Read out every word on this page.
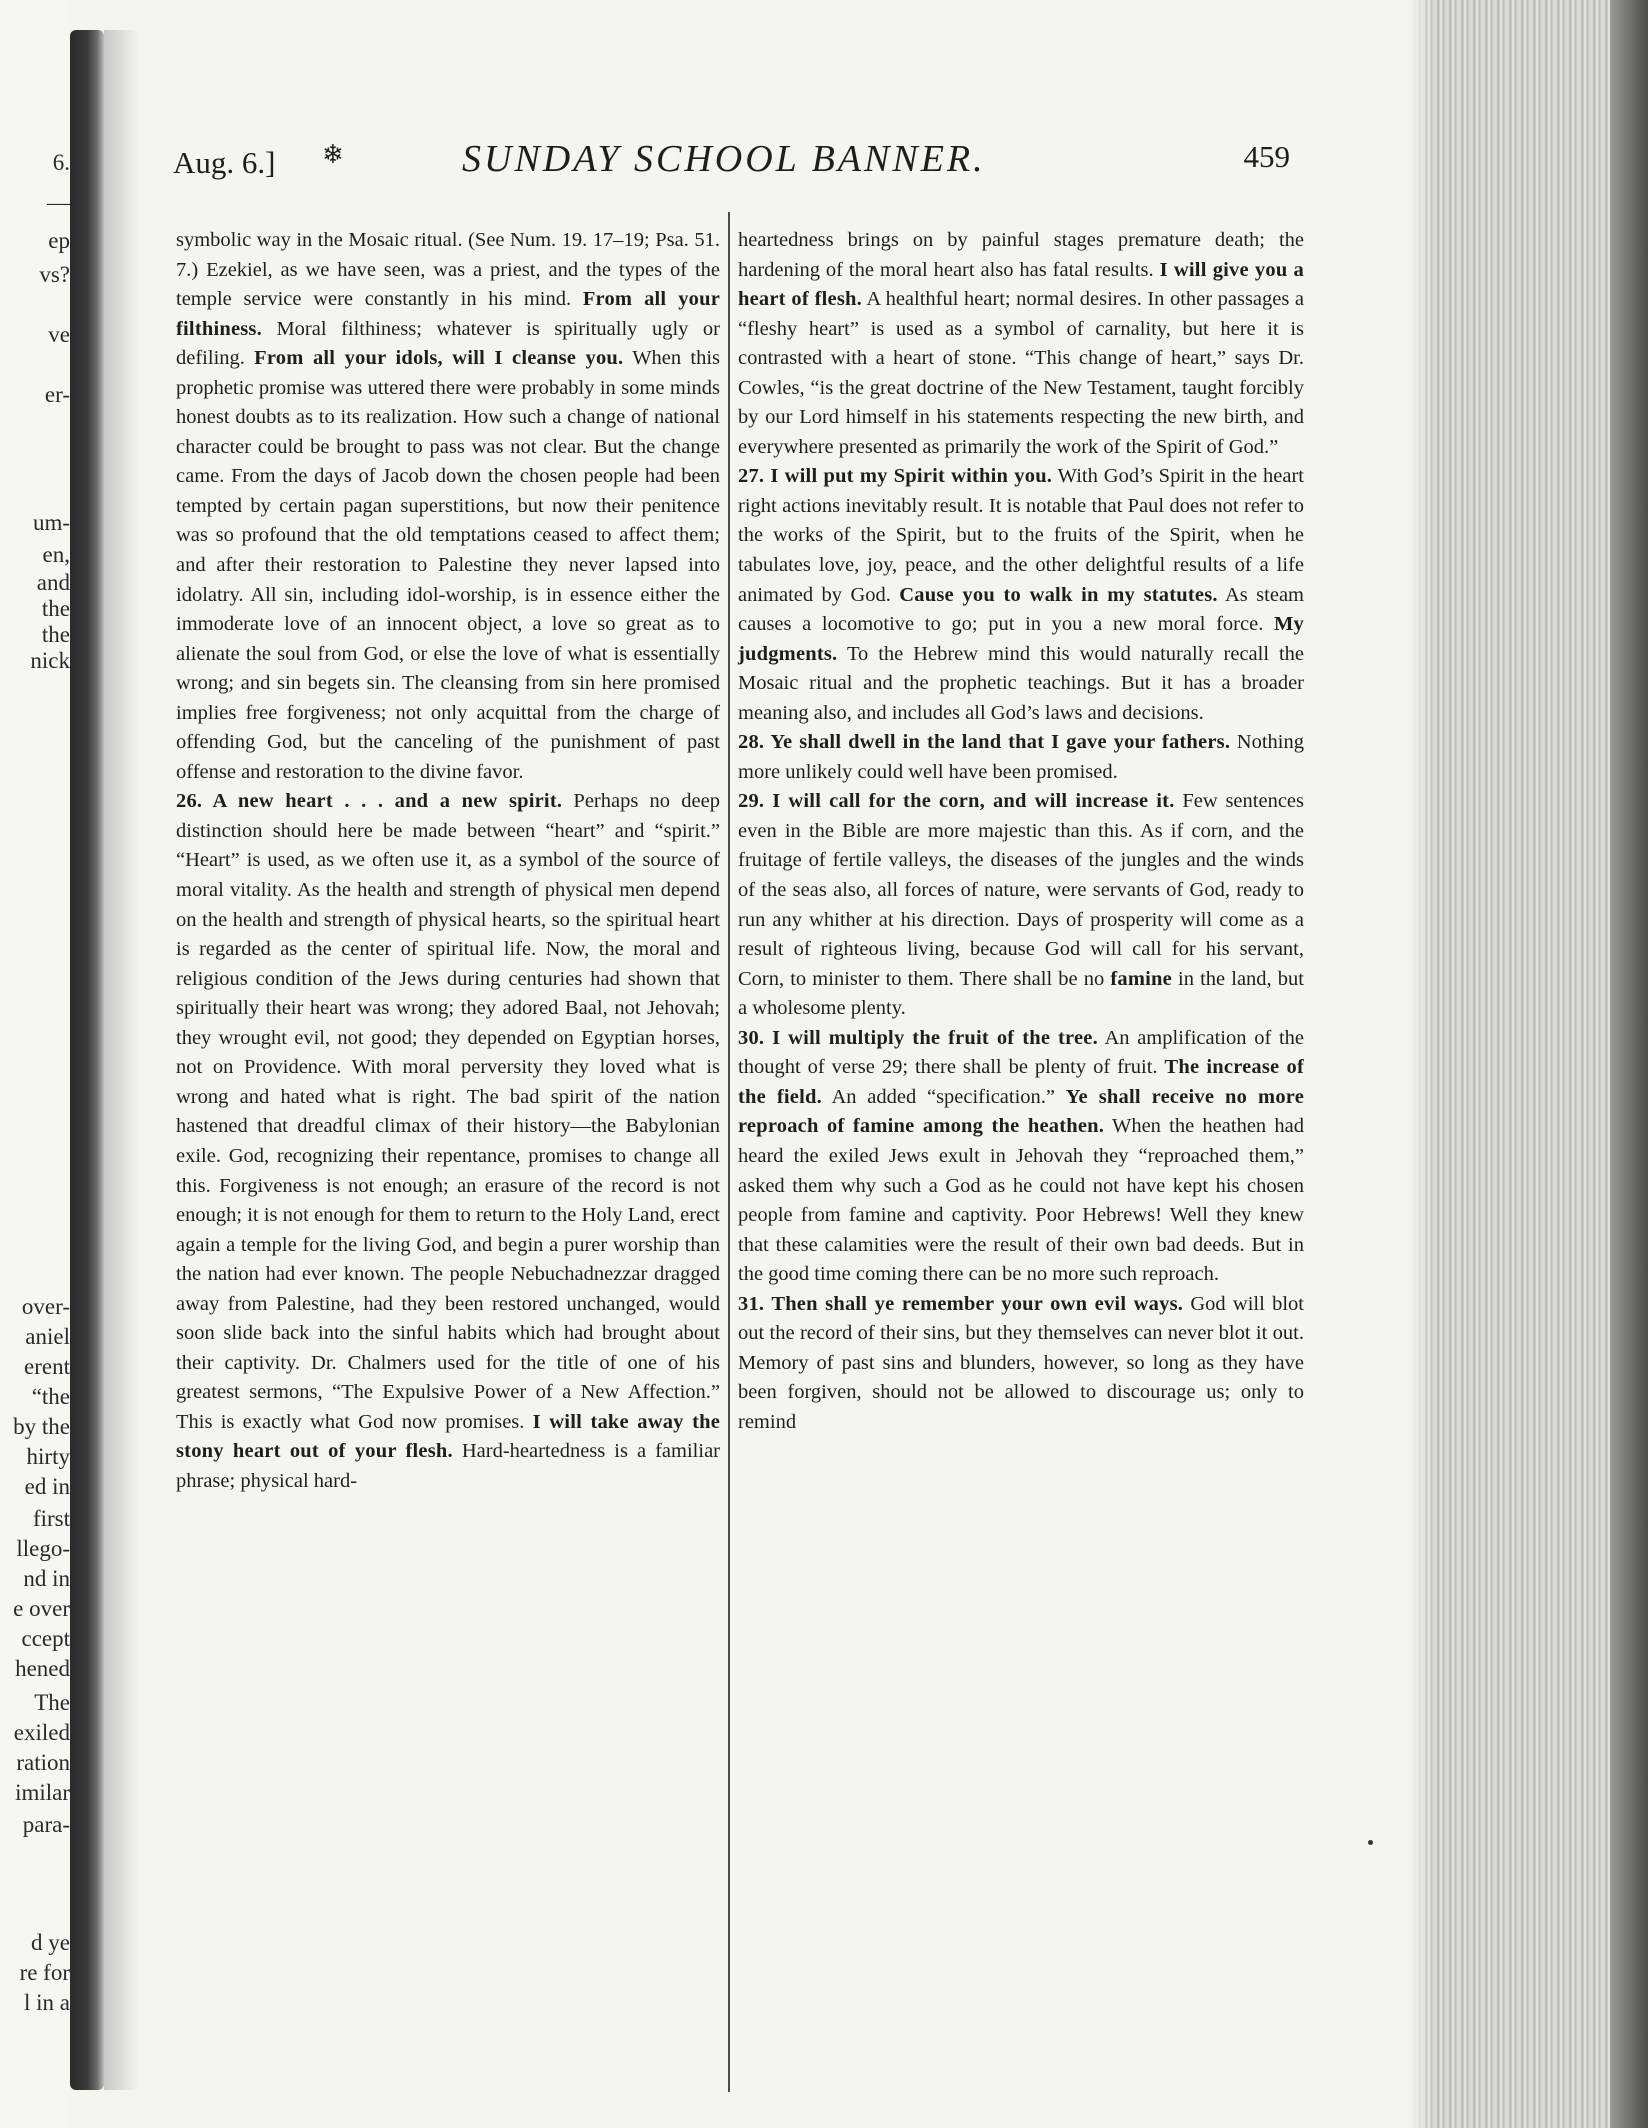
6.
—
ep
vs?
ve
er-
um-
en,
and
the
the
nick
over-
aniel
erent
“the
by the
hirty
ed in
first
llego-
nd in
e over
ccept
hened
The
exiled
ration
imilar
para-
d ye
re for
l in a
Aug. 6.] ❄	SUNDAY SCHOOL BANNER.	459

symbolic way in the Mosaic ritual. (See Num. 19. 17–19; Psa. 51. 7.) Ezekiel, as we have seen, was a priest, and the types of the temple service were constantly in his mind. From all your filthiness. Moral filthiness; whatever is spiritually ugly or defiling. From all your idols, will I cleanse you. When this prophetic promise was uttered there were probably in some minds honest doubts as to its realization. How such a change of national character could be brought to pass was not clear. But the change came. From the days of Jacob down the chosen people had been tempted by certain pagan superstitions, but now their penitence was so profound that the old temptations ceased to affect them; and after their restoration to Palestine they never lapsed into idolatry. All sin, including idol-worship, is in essence either the immoderate love of an innocent object, a love so great as to alienate the soul from God, or else the love of what is essentially wrong; and sin begets sin. The cleansing from sin here promised implies free forgiveness; not only acquittal from the charge of offending God, but the canceling of the punishment of past offense and restoration to the divine favor.

26. A new heart . . . and a new spirit. Perhaps no deep distinction should here be made between “heart” and “spirit.” “Heart” is used, as we often use it, as a symbol of the source of moral vitality. As the health and strength of physical men depend on the health and strength of physical hearts, so the spiritual heart is regarded as the center of spiritual life. Now, the moral and religious condition of the Jews during centuries had shown that spiritually their heart was wrong; they adored Baal, not Jehovah; they wrought evil, not good; they depended on Egyptian horses, not on Providence. With moral perversity they loved what is wrong and hated what is right. The bad spirit of the nation hastened that dreadful climax of their history—the Babylonian exile. God, recognizing their repentance, promises to change all this. Forgiveness is not enough; an erasure of the record is not enough; it is not enough for them to return to the Holy Land, erect again a temple for the living God, and begin a purer worship than the nation had ever known. The people Nebuchadnezzar dragged away from Palestine, had they been restored unchanged, would soon slide back into the sinful habits which had brought about their captivity. Dr. Chalmers used for the title of one of his greatest sermons, “The Expulsive Power of a New Affection.” This is exactly what God now promises. I will take away the stony heart out of your flesh. Hard-heartedness is a familiar phrase; physical hard-

heartedness brings on by painful stages premature death; the hardening of the moral heart also has fatal results. I will give you a heart of flesh. A healthful heart; normal desires. In other passages a “fleshy heart” is used as a symbol of carnality, but here it is contrasted with a heart of stone. “This change of heart,” says Dr. Cowles, “is the great doctrine of the New Testament, taught forcibly by our Lord himself in his statements respecting the new birth, and everywhere presented as primarily the work of the Spirit of God.”

27. I will put my Spirit within you. With God’s Spirit in the heart right actions inevitably result. It is notable that Paul does not refer to the works of the Spirit, but to the fruits of the Spirit, when he tabulates love, joy, peace, and the other delightful results of a life animated by God. Cause you to walk in my statutes. As steam causes a locomotive to go; put in you a new moral force. My judgments. To the Hebrew mind this would naturally recall the Mosaic ritual and the prophetic teachings. But it has a broader meaning also, and includes all God’s laws and decisions.

28. Ye shall dwell in the land that I gave your fathers. Nothing more unlikely could well have been promised.

29. I will call for the corn, and will increase it. Few sentences even in the Bible are more majestic than this. As if corn, and the fruitage of fertile valleys, the diseases of the jungles and the winds of the seas also, all forces of nature, were servants of God, ready to run any whither at his direction. Days of prosperity will come as a result of righteous living, because God will call for his servant, Corn, to minister to them. There shall be no famine in the land, but a wholesome plenty.

30. I will multiply the fruit of the tree. An amplification of the thought of verse 29; there shall be plenty of fruit. The increase of the field. An added “specification.” Ye shall receive no more reproach of famine among the heathen. When the heathen had heard the exiled Jews exult in Jehovah they “reproached them,” asked them why such a God as he could not have kept his chosen people from famine and captivity. Poor Hebrews! Well they knew that these calamities were the result of their own bad deeds. But in the good time coming there can be no more such reproach.

31. Then shall ye remember your own evil ways. God will blot out the record of their sins, but they themselves can never blot it out. Memory of past sins and blunders, however, so long as they have been forgiven, should not be allowed to discourage us; only to remind
